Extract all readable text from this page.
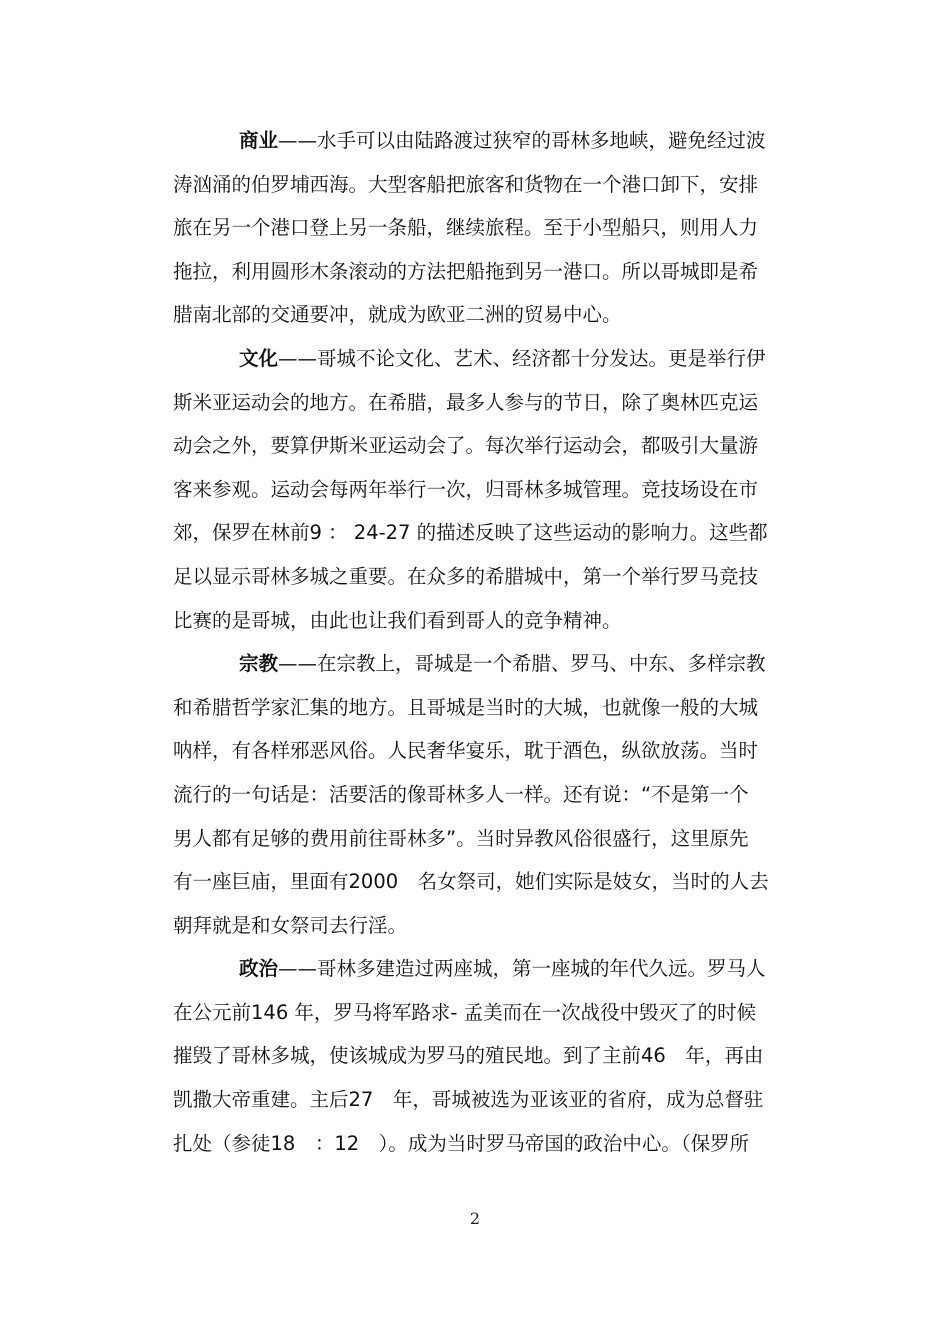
商业——水手可以由陆路渡过狭窄的哥林多地峡，避免经过波
涛汹涌的伯罗埔西海。大型客船把旅客和货物在一个港口卸下，安排
旅在另一个港口登上另一条船，继续旅程。至于小型船只，则用人力
拖拉，利用圆形木条滚动的方法把船拖到另一港口。所以哥城即是希
腊南北部的交通要冲，就成为欧亚二洲的贸易中心。
文化——哥城不论文化、艺术、经济都十分发达。更是举行伊
斯米亚运动会的地方。在希腊，最多人参与的节日，除了奥林匹克运
动会之外，要算伊斯米亚运动会了。每次举行运动会，都吸引大量游
客来参观。运动会每两年举行一次，归哥林多城管理。竞技场设在市
郊，保罗在林前9 ： 24-27 的描述反映了这些运动的影响力。这些都
足以显示哥林多城之重要。在众多的希腊城中，第一个举行罗马竞技
比赛的是哥城，由此也让我们看到哥人的竞争精神。
宗教——在宗教上，哥城是一个希腊、罗马、中东、多样宗教
和希腊哲学家汇集的地方。且哥城是当时的大城，也就像一般的大城
呐样，有各样邪恶风俗。人民奢华宴乐，耽于酒色，纵欲放荡。当时
流行的一句话是：活要活的像哥林多人一样。还有说：“不是第一个
男人都有足够的费用前往哥林多”。当时异教风俗很盛行，这里原先
有一座巨庙，里面有2000　名女祭司，她们实际是妓女，当时的人去
朝拜就是和女祭司去行淫。
政治——哥林多建造过两座城，第一座城的年代久远。罗马人
在公元前146 年，罗马将军路求- 孟美而在一次战役中毁灭了的时候
摧毁了哥林多城，使该城成为罗马的殖民地。到了主前46　年，再由
凯撒大帝重建。主后27　年，哥城被选为亚该亚的省府，成为总督驻
扎处（参徒18　：12　）。成为当时罗马帝国的政治中心。（保罗所
2
